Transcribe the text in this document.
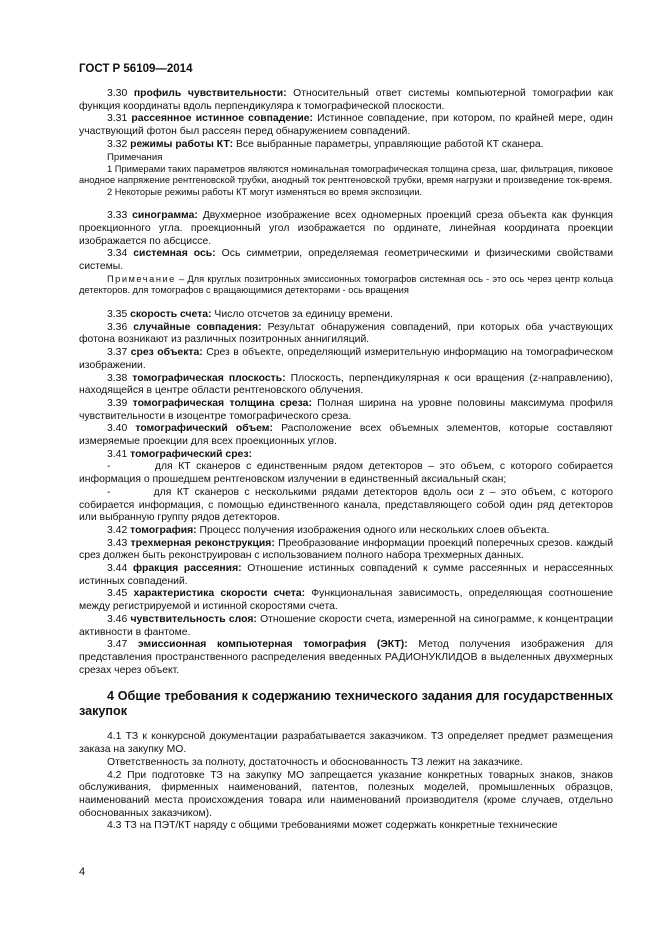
ГОСТ Р 56109—2014

3.30 профиль чувствительности: Относительный ответ системы компьютерной томографии как функция координаты вдоль перпендикуляра к томографической плоскости.

3.31 рассеянное истинное совпадение: Истинное совпадение, при котором, по крайней мере, один участвующий фотон был рассеян перед обнаружением совпадений.

3.32 режимы работы КТ: Все выбранные параметры, управляющие работой КТ сканера.

Примечания

1 Примерами таких параметров являются номинальная томографическая толщина среза, шаг, фильтрация, пиковое анодное напряжение рентгеновской трубки, анодный ток рентгеновской трубки, время нагрузки и произведение ток-время.

2 Некоторые режимы работы КТ могут изменяться во время экспозиции.

3.33 синограмма: Двухмерное изображение всех одномерных проекций среза объекта как функция проекционного угла. проекционный угол изображается по ординате, линейная координата проекции изображается по абсциссе.

3.34 системная ось: Ось симметрии, определяемая геометрическими и физическими свойствами системы.

Примечание – Для круглых позитронных эмиссионных томографов системная ось - это ось через центр кольца детекторов. для томографов с вращающимися детекторами - ось вращения

3.35 скорость счета: Число отсчетов за единицу времени.

3.36 случайные совпадения: Результат обнаружения совпадений, при которых оба участвующих фотона возникают из различных позитронных аннигиляций.

3.37 срез объекта: Срез в объекте, определяющий измерительную информацию на томографическом изображении.

3.38 томографическая плоскость: Плоскость, перпендикулярная к оси вращения (z-направлению), находящейся в центре области рентгеновского облучения.

3.39 томографическая толщина среза: Полная ширина на уровне половины максимума профиля чувствительности в изоцентре томографического среза.

3.40 томографический объем: Расположение всех объемных элементов, которые составляют измеряемые проекции для всех проекционных углов.

3.41 томографический срез:

-        для КТ сканеров с единственным рядом детекторов – это объем, с которого собирается информация о прошедшем рентгеновском излучении в единственный аксиальный скан;

-        для КТ сканеров с несколькими рядами детекторов вдоль оси z – это объем, с которого собирается информация, с помощью единственного канала, представляющего собой один ряд детекторов или выбранную группу рядов детекторов.

3.42 томография: Процесс получения изображения одного или нескольких слоев объекта.

3.43 трехмерная реконструкция: Преобразование информации проекций поперечных срезов. каждый срез должен быть реконструирован с использованием полного набора трехмерных данных.

3.44 фракция рассеяния: Отношение истинных совпадений к сумме рассеянных и нерассеянных истинных совпадений.

3.45 характеристика скорости счета: Функциональная зависимость, определяющая соотношение между регистрируемой и истинной скоростями счета.

3.46 чувствительность слоя: Отношение скорости счета, измеренной на синограмме, к концентрации активности в фантоме.

3.47 эмиссионная компьютерная томография (ЭКТ): Метод получения изображения для представления пространственного распределения введенных РАДИОНУКЛИДОВ в выделенных двухмерных срезах через объект.

4 Общие требования к содержанию технического задания для государственных закупок

4.1 ТЗ к конкурсной документации разрабатывается заказчиком. ТЗ определяет предмет размещения заказа на закупку МО.

Ответственность за полноту, достаточность и обоснованность ТЗ лежит на заказчике.

4.2 При подготовке ТЗ на закупку МО запрещается указание конкретных товарных знаков, знаков обслуживания, фирменных наименований, патентов, полезных моделей, промышленных образцов, наименований места происхождения товара или наименований производителя (кроме случаев, отдельно обоснованных заказчиком).

4.3 ТЗ на ПЭТ/КТ наряду с общими требованиями может содержать конкретные технические

4
